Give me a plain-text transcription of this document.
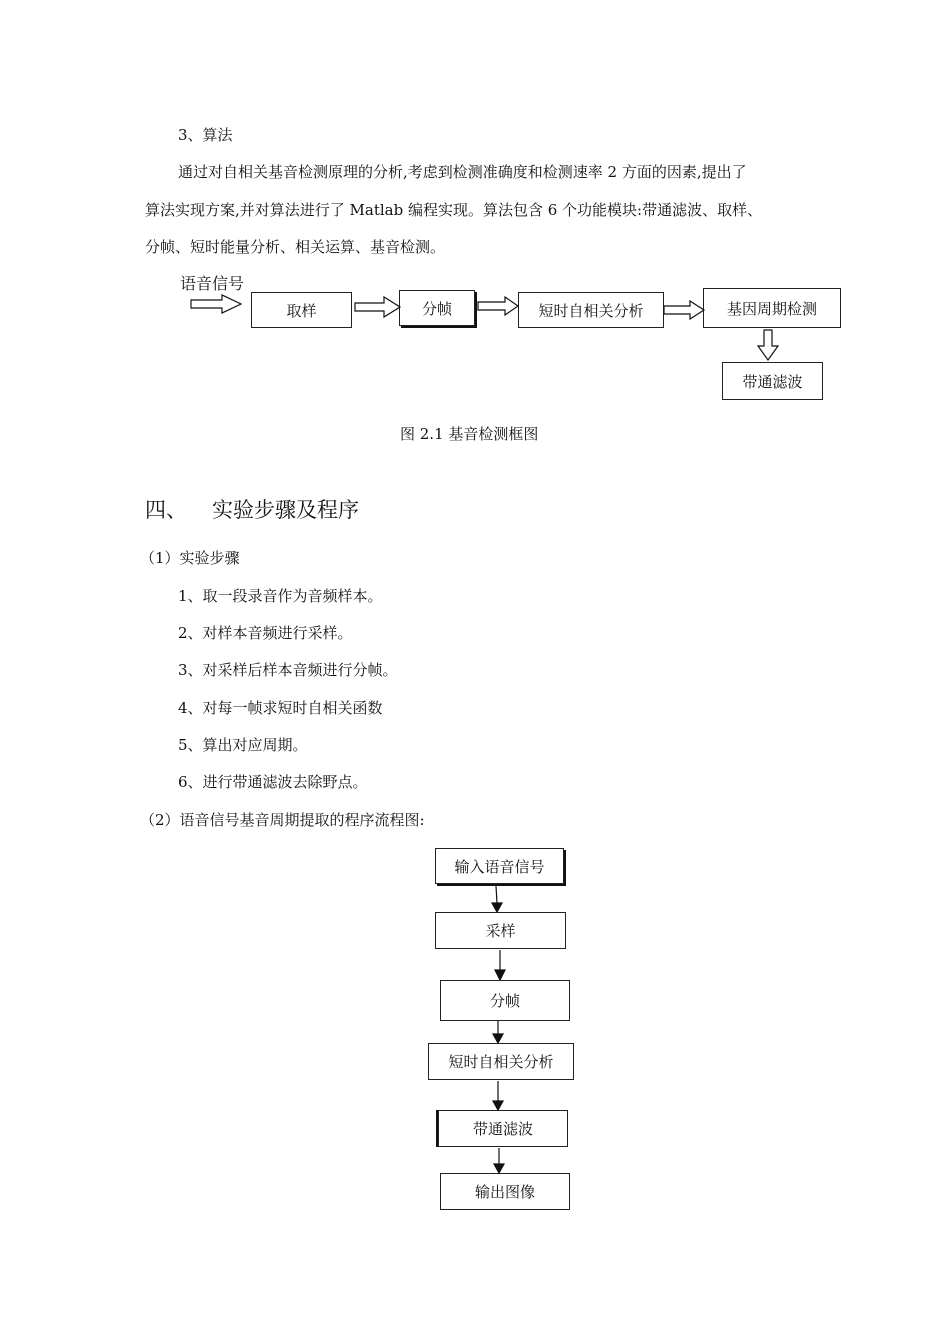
3、算法
通过对自相关基音检测原理的分析,考虑到检测准确度和检测速率 2 方面的因素,提出了
算法实现方案,并对算法进行了 Matlab 编程实现。算法包含 6 个功能模块:带通滤波、取样、
分帧、短时能量分析、相关运算、基音检测。
语音信号
取样	分帧	短时自相关分析	基因周期检测
带通滤波
图 2.1 基音检测框图
四、 实验步骤及程序
（1）实验步骤
1、取一段录音作为音频样本。
2、对样本音频进行采样。
3、对采样后样本音频进行分帧。
4、对每一帧求短时自相关函数
5、算出对应周期。
6、进行带通滤波去除野点。
（2）语音信号基音周期提取的程序流程图:
输入语音信号
采样
分帧
短时自相关分析
带通滤波
输出图像
